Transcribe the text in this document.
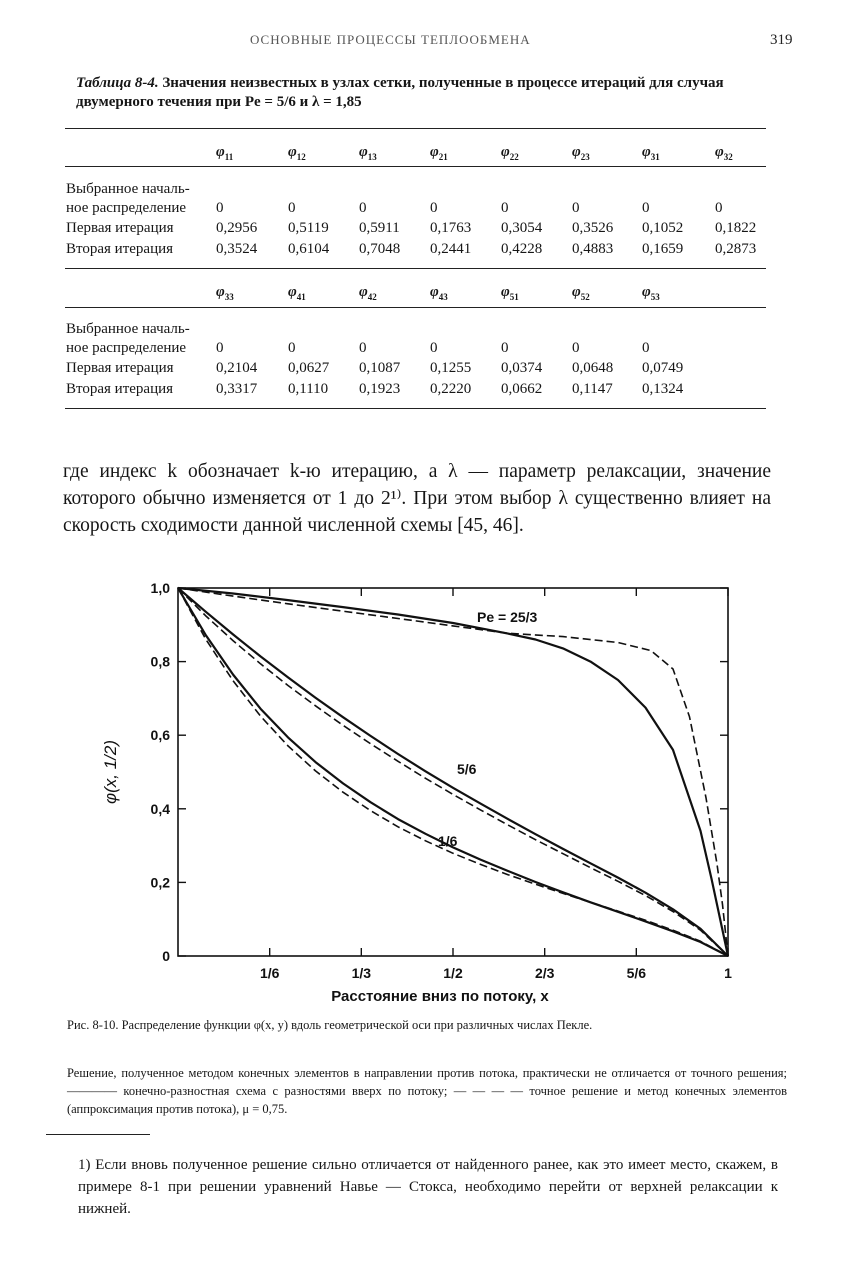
ОСНОВНЫЕ ПРОЦЕССЫ ТЕПЛООБМЕНА	319
Таблица 8-4. Значения неизвестных в узлах сетки, полученные в процессе итераций для случая двумерного течения при Pe = 5/6 и λ = 1,85
$\varphi_{11}$	$\varphi_{12}$	$\varphi_{13}$	$\varphi_{21}$	$\varphi_{22}$	$\varphi_{23}$	$\varphi_{31}$	$\varphi_{32}$
Выбранное началь-
ное распределение 0	0	0	0	0	0	0	0
Первая итерация	0,2956 0,5119 0,5911 0,1763 0,3054 0,3526 0,1052 0,1822
Вторая итерация	0,3524 0,6104 0,7048 0,2441 0,4228 0,4883 0,1659 0,2873
$\varphi_{33}$	$\varphi_{41}$	$\varphi_{42}$	$\varphi_{43}$	$\varphi_{51}$	$\varphi_{52}$	$\varphi_{53}$
Выбранное началь-
ное распределение 0	0	0	0	0	0	0
Первая итерация	0,2104 0,0627 0,1087 0,1255 0,0374 0,0648 0,0749
Вторая итерация	0,3317 0,1110 0,1923 0,2220 0,0662 0,1147 0,1324
где индекс k обозначает k-ю итерацию, а λ — параметр релаксации, значение которого обычно изменяется от 1 до 2¹⁾. При этом выбор λ существенно влияет на скорость сходимости данной численной схемы [45, 46].
1/6	1/3	1/2	2/3	5/6	1
0
0,2
0,4
0,6
0,8
1,0
φ(x, 1/2)
Расстояние вниз по потоку, x
Pe = 25/3
5/6
1/6
Рис. 8-10. Распределение функции φ(x, y) вдоль геометрической оси при различных числах Пекле.
Решение, полученное методом конечных элементов в направлении против потока, практически не отличается от точного решения; ———— конечно-разностная схема с разностями вверх по потоку; — — — — точное решение и метод конечных элементов (аппроксимация против потока), μ = 0,75.
1) Если вновь полученное решение сильно отличается от найденного ранее, как это имеет место, скажем, в примере 8-1 при решении уравнений Навье — Стокса, необходимо перейти от верхней релаксации к нижней.
